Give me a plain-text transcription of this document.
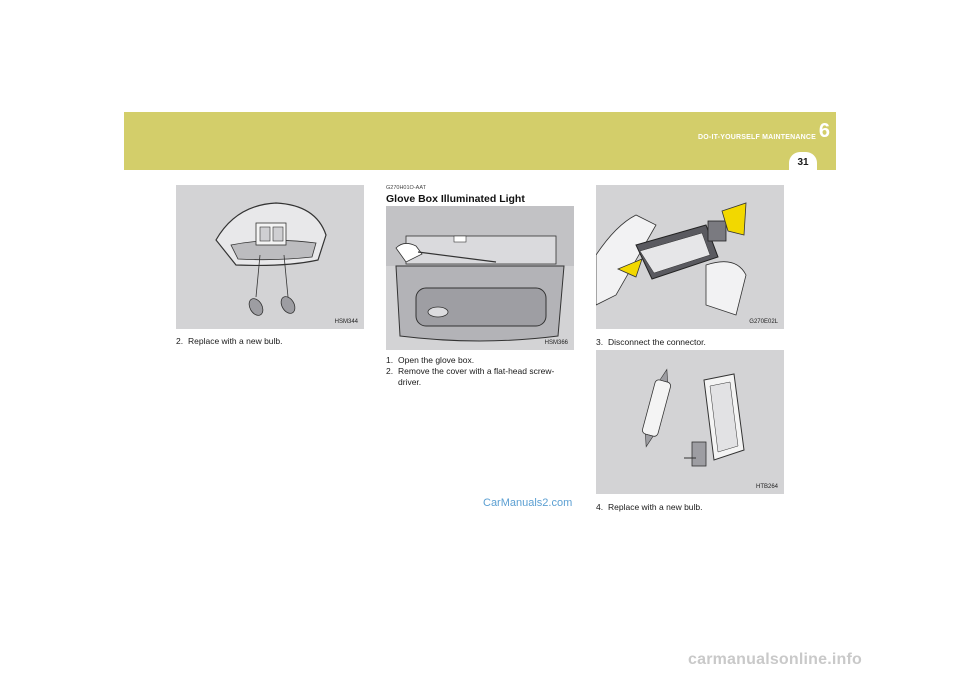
DO-IT-YOURSELF MAINTENANCE 6
31
HSM344
2. Replace with a new bulb.
G270H01O-AAT
Glove Box Illuminated Light
HSM366
1. Open the glove box.
2. Remove the cover with a flat-head screw-
driver.
G270E02L
3. Disconnect the connector.
HTB264
4. Replace with a new bulb.
CarManuals2.com
carmanualsonline.info
